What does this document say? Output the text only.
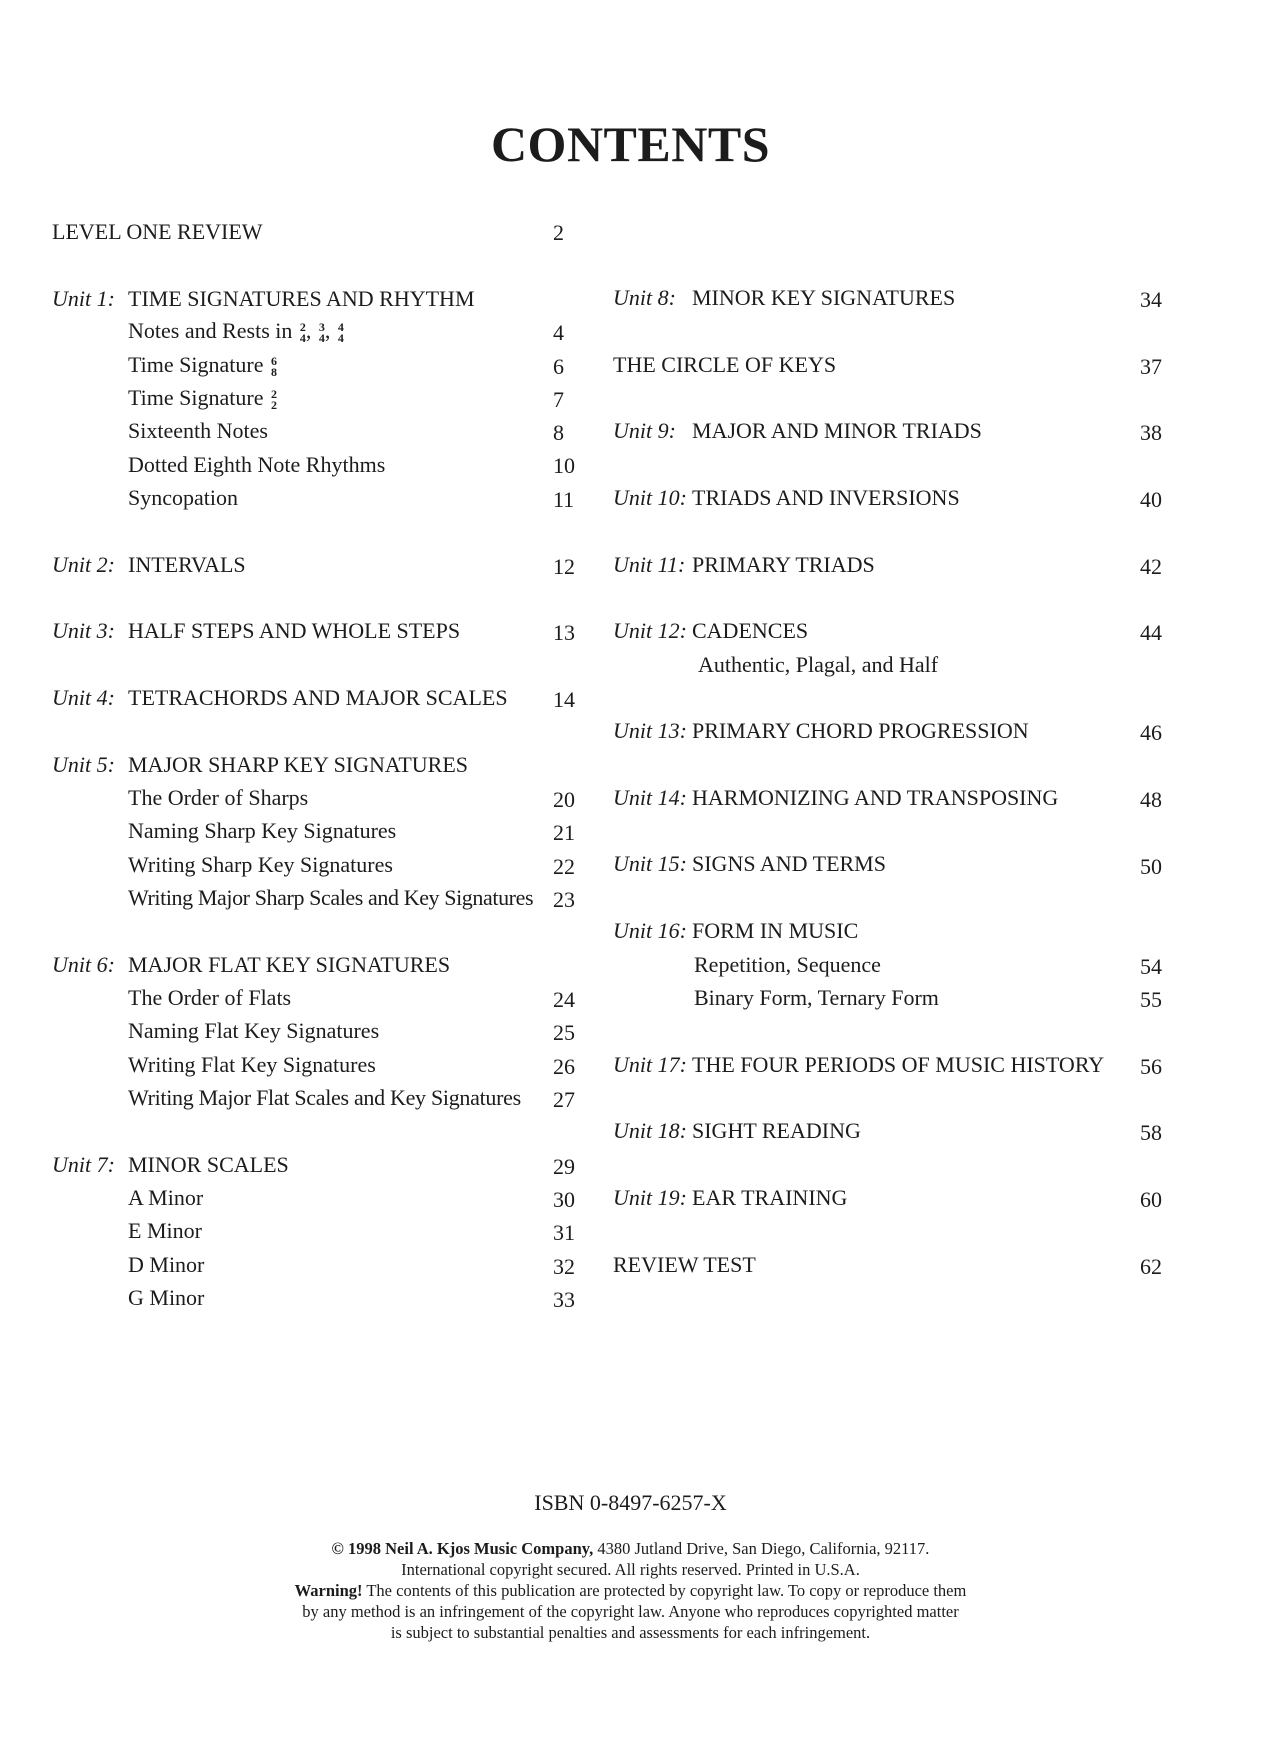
CONTENTS
LEVEL ONE REVIEW	2
Unit 1: TIME SIGNATURES AND RHYTHM
Notes and Rests in 2
4 , 3
4 , 4
4	4
Time Signature 6
8	6
Time Signature 2
2	7
Sixteenth Notes	8
Dotted Eighth Note Rhythms	10
Syncopation	11
Unit 2: INTERVALS	12
Unit 3: HALF STEPS AND WHOLE STEPS	13
Unit 4: TETRACHORDS AND MAJOR SCALES 14
Unit 5: MAJOR SHARP KEY SIGNATURES
The Order of Sharps	20
Naming Sharp Key Signatures	21
Writing Sharp Key Signatures	22
Writing Major Sharp Scales and Key Signatures 23
Unit 6: MAJOR FLAT KEY SIGNATURES
The Order of Flats	24
Naming Flat Key Signatures	25
Writing Flat Key Signatures	26
Writing Major Flat Scales and Key Signatures 27
Unit 7: MINOR SCALES	29
A Minor	30
E Minor	31
D Minor	32
G Minor	33
Unit 8: MINOR KEY SIGNATURES	34
THE CIRCLE OF KEYS	37
Unit 9: MAJOR AND MINOR TRIADS	38
Unit 10: TRIADS AND INVERSIONS	40
Unit 11: PRIMARY TRIADS	42
Unit 12: CADENCES	44
Authentic, Plagal, and Half
Unit 13: PRIMARY CHORD PROGRESSION	46
Unit 14: HARMONIZING AND TRANSPOSING	48
Unit 15: SIGNS AND TERMS	50
Unit 16: FORM IN MUSIC
Repetition, Sequence	54
Binary Form, Ternary Form	55
Unit 17: THE FOUR PERIODS OF MUSIC HISTORY 56
Unit 18: SIGHT READING	58
Unit 19: EAR TRAINING	60
REVIEW TEST	62
ISBN 0-8497-6257-X
© 1998 Neil A. Kjos Music Company, 4380 Jutland Drive, San Diego, California, 92117.
International copyright secured. All rights reserved. Printed in U.S.A.
Warning! The contents of this publication are protected by copyright law. To copy or reproduce them
by any method is an infringement of the copyright law. Anyone who reproduces copyrighted matter
is subject to substantial penalties and assessments for each infringement.
